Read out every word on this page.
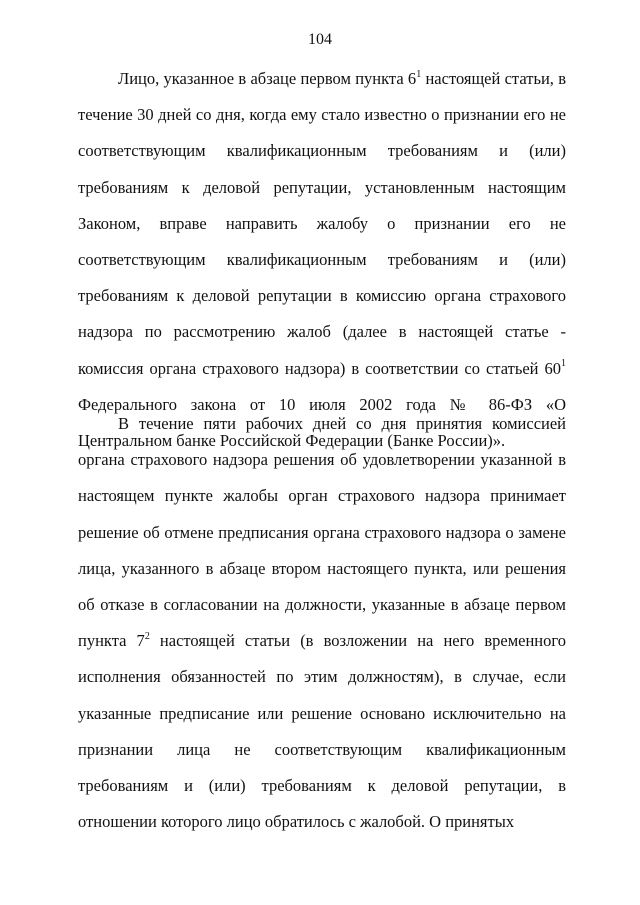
104

Лицо, указанное в абзаце первом пункта $6^1$ настоящей статьи, в течение 30 дней со дня, когда ему стало известно о признании его не соответствующим квалификационным требованиям и (или) требованиям к деловой репутации, установленным настоящим Законом, вправе направить жалобу о признании его не соответствующим квалификационным требованиям и (или) требованиям к деловой репутации в комиссию органа страхового надзора по рассмотрению жалоб (далее в настоящей статье - комиссия органа страхового надзора) в соответствии со статьей $60^1$ Федерального закона от 10 июля 2002 года № 86-ФЗ «О Центральном банке Российской Федерации (Банке России)».

В течение пяти рабочих дней со дня принятия комиссией органа страхового надзора решения об удовлетворении указанной в настоящем пункте жалобы орган страхового надзора принимает решение об отмене предписания органа страхового надзора о замене лица, указанного в абзаце втором настоящего пункта, или решения об отказе в согласовании на должности, указанные в абзаце первом пункта $7^2$ настоящей статьи (в возложении на него временного исполнения обязанностей по этим должностям), в случае, если указанные предписание или решение основано исключительно на признании лица не соответствующим квалификационным требованиям и (или) требованиям к деловой репутации, в отношении которого лицо обратилось с жалобой. О принятых
